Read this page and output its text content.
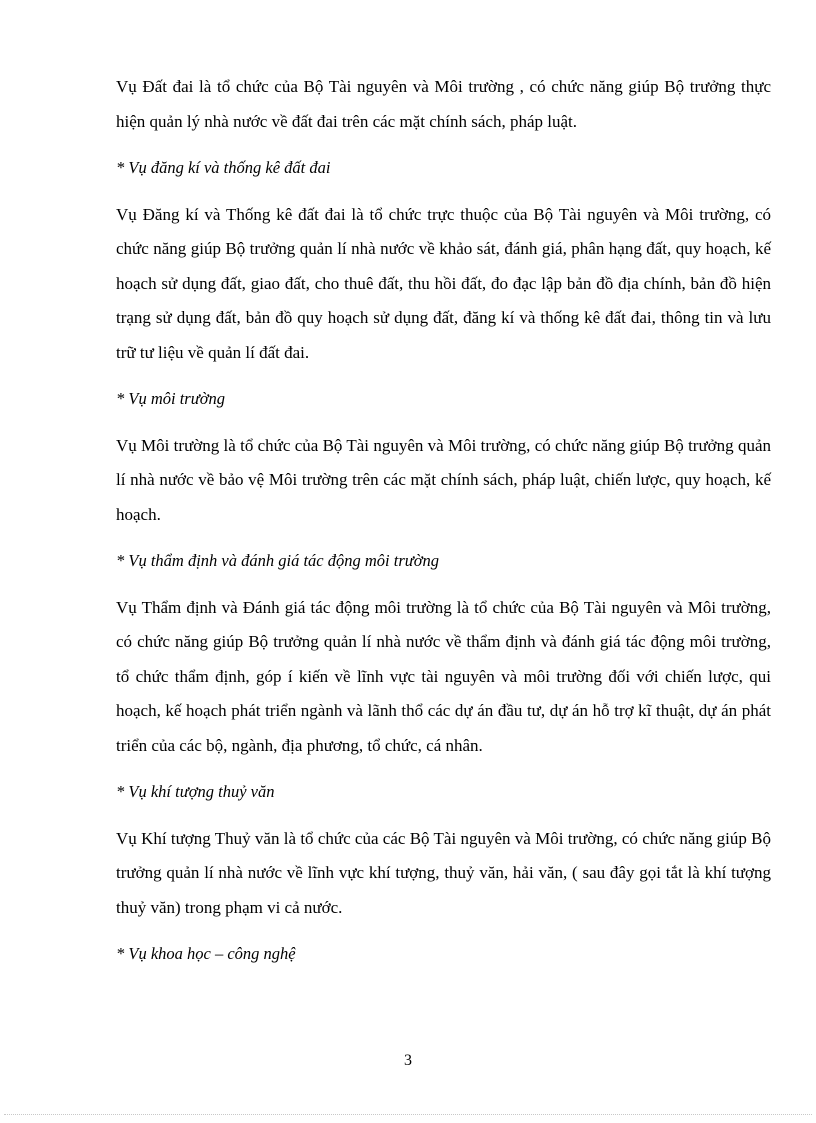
Vụ Đất đai là tổ chức của Bộ Tài nguyên và Môi trường , có chức năng giúp Bộ trưởng thực hiện quản lý nhà nước về đất đai trên các mặt chính sách, pháp luật.

* Vụ đăng kí và thống kê đất đai

Vụ Đăng kí và Thống kê đất đai là tổ chức trực thuộc của Bộ Tài nguyên và Môi trường, có chức năng giúp Bộ trưởng quản lí nhà nước về khảo sát, đánh giá, phân hạng đất, quy hoạch, kế hoạch sử dụng đất, giao đất, cho thuê đất, thu hồi đất, đo đạc lập bản đồ địa chính, bản đồ hiện trạng sử dụng đất, bản đồ quy hoạch sử dụng đất, đăng kí và thống kê đất đai, thông tin và lưu trữ tư liệu về quản lí đất đai.

* Vụ môi trường

Vụ Môi trường là tổ chức của Bộ Tài nguyên và Môi trường, có chức năng giúp Bộ trưởng quản lí nhà nước về bảo vệ Môi trường trên các mặt chính sách, pháp luật, chiến lược, quy hoạch, kế hoạch.

* Vụ thẩm định và đánh giá tác động môi trường

Vụ Thẩm định và Đánh giá tác động môi trường là tổ chức của Bộ Tài nguyên và Môi trường, có chức năng giúp Bộ trưởng quản lí nhà nước về thẩm định và đánh giá tác động môi trường, tổ chức thẩm định, góp í kiến về lĩnh vực tài nguyên và môi trường đối với chiến lược, qui hoạch, kế hoạch phát triển ngành và lãnh thổ các dự án đầu tư, dự án hỗ trợ kĩ thuật, dự án phát triển của các bộ, ngành, địa phương, tổ chức, cá nhân.

* Vụ khí tượng thuỷ văn

Vụ Khí tượng Thuỷ văn là tổ chức của các Bộ Tài nguyên và Môi trường, có chức năng giúp Bộ trưởng quản lí nhà nước về lĩnh vực khí tượng, thuỷ văn, hải văn, ( sau đây gọi tắt là khí tượng thuỷ văn) trong phạm vi cả nước.

* Vụ khoa học – công nghệ

3
